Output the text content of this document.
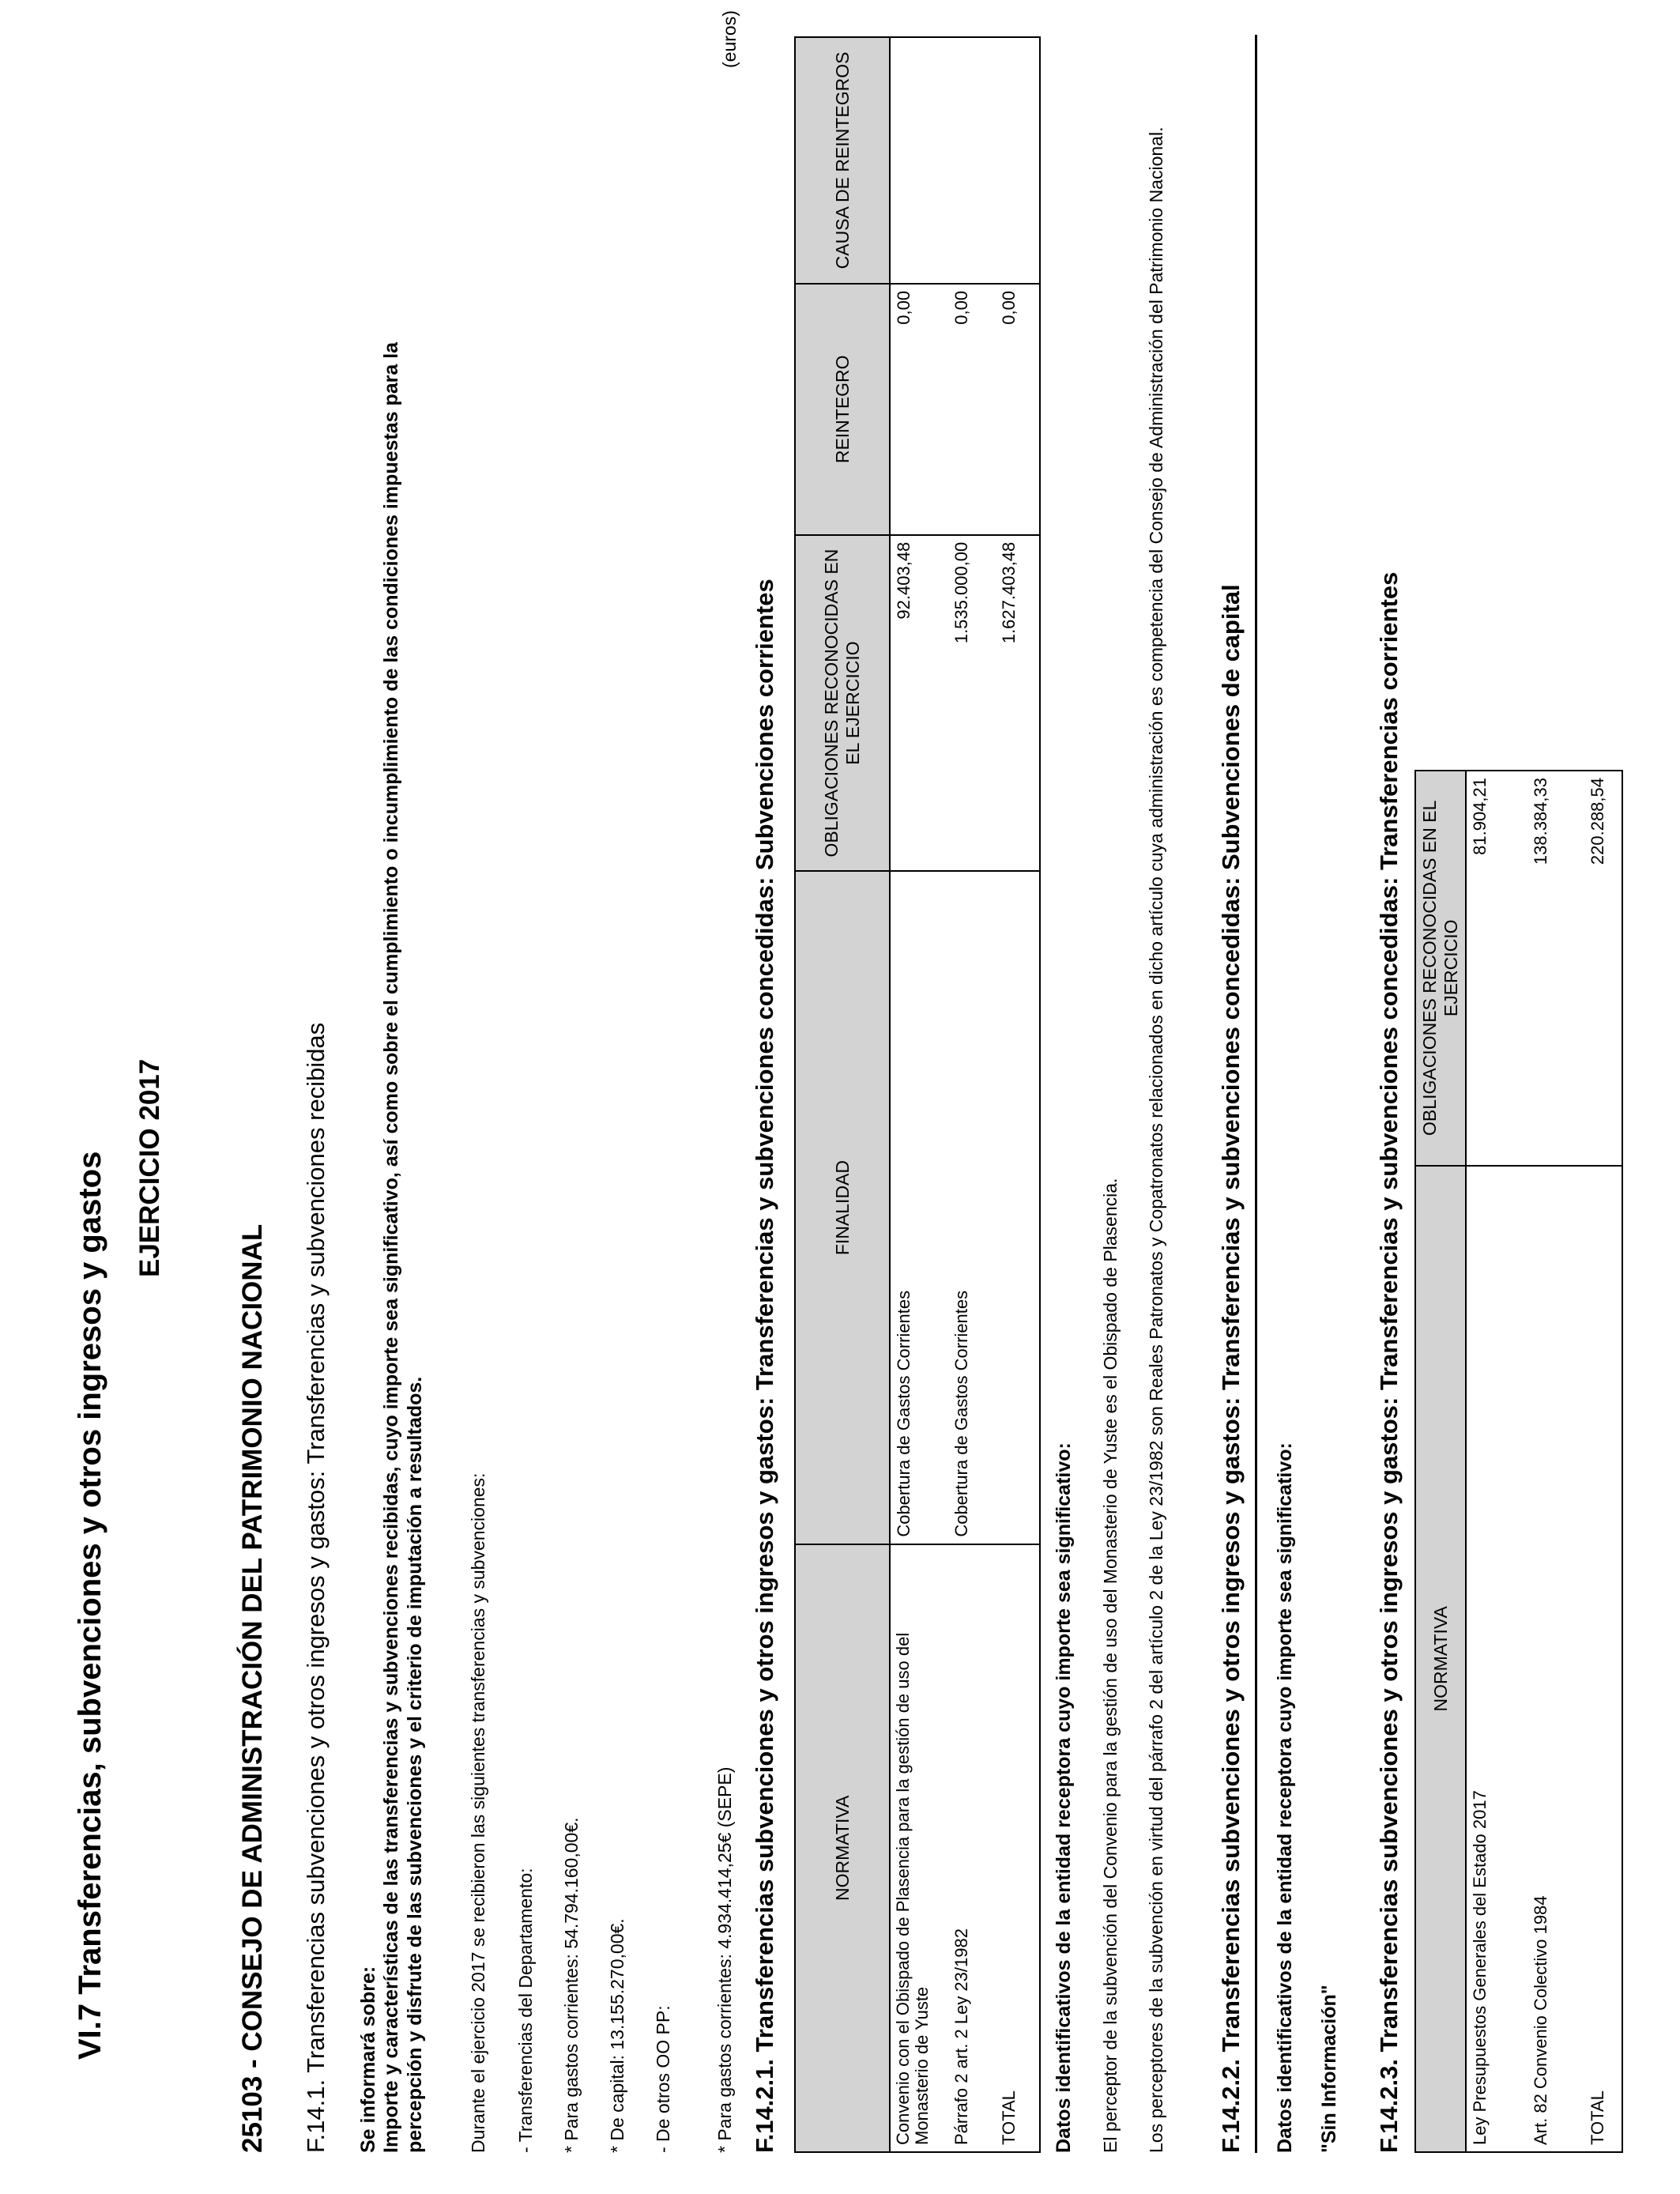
VI.7 Transferencias, subvenciones y otros ingresos y gastos EJERCICIO 2017
25103 - CONSEJO DE ADMINISTRACIÓN DEL PATRIMONIO NACIONAL F.14.1. Transferencias subvenciones y otros ingresos y gastos: Transferencias y subvenciones recibidas Se informará sobre: Importe y características de las transferencias y subvenciones recibidas, cuyo importe sea significativo, así como sobre el cumplimiento o incumplimiento de las condiciones impuestas para la percepción y disfrute de las subvenciones y el criterio de imputación a resultados. Durante el ejercicio 2017 se recibieron las siguientes transferencias y subvenciones: - Transferencias del Departamento: * Para gastos corrientes: 54.794.160,00€. * De capital: 13.155.270,00€. - De otros OO PP: * Para gastos corrientes: 4.934.414,25€ (SEPE)
(euros)
F.14.2.1. Transferencias subvenciones y otros ingresos y gastos: Transferencias y subvenciones concedidas: Subvenciones corrientes	NORMATIVA	FINALIDAD	OBLIGACIONES RECONOCIDAS EN EL EJERCICIO	REINTEGRO	CAUSA DE REINTEGROS
Convenio con el Obispado de Plasencia para la gestión de uso del Monasterio de Yuste	Cobertura de Gastos Corrientes	92.403,48	0,00	
Párrafo 2 art. 2 Ley 23/1982	Cobertura de Gastos Corrientes	1.535.000,00	0,00	
TOTAL		1.627.403,48	0,00	
Datos identificativos de la entidad receptora cuyo importe sea significativo: El perceptor de la subvención del Convenio para la gestión de uso del Monasterio de Yuste es el Obispado de Plasencia. Los perceptores de la subvención en virtud del párrafo 2 del artículo 2 de la Ley 23/1982 son Reales Patronatos y Copatronatos relacionados en dicho artículo cuya administración es competencia del Consejo de Administración del Patrimonio Nacional. F.14.2.2. Transferencias subvenciones y otros ingresos y gastos: Transferencias y subvenciones concedidas: Subvenciones de capital Datos identificativos de la entidad receptora cuyo importe sea significativo: "Sin Información" F.14.2.3. Transferencias subvenciones y otros ingresos y gastos: Transferencias y subvenciones concedidas: Transferencias corrientes NORMATIVA	OBLIGACIONES RECONOCIDAS EN EL EJERCICIO
Ley Presupuestos Generales del Estado 2017	81.904,21
Art. 82 Convenio Colectivo 1984	138.384,33
TOTAL	220.288,54
